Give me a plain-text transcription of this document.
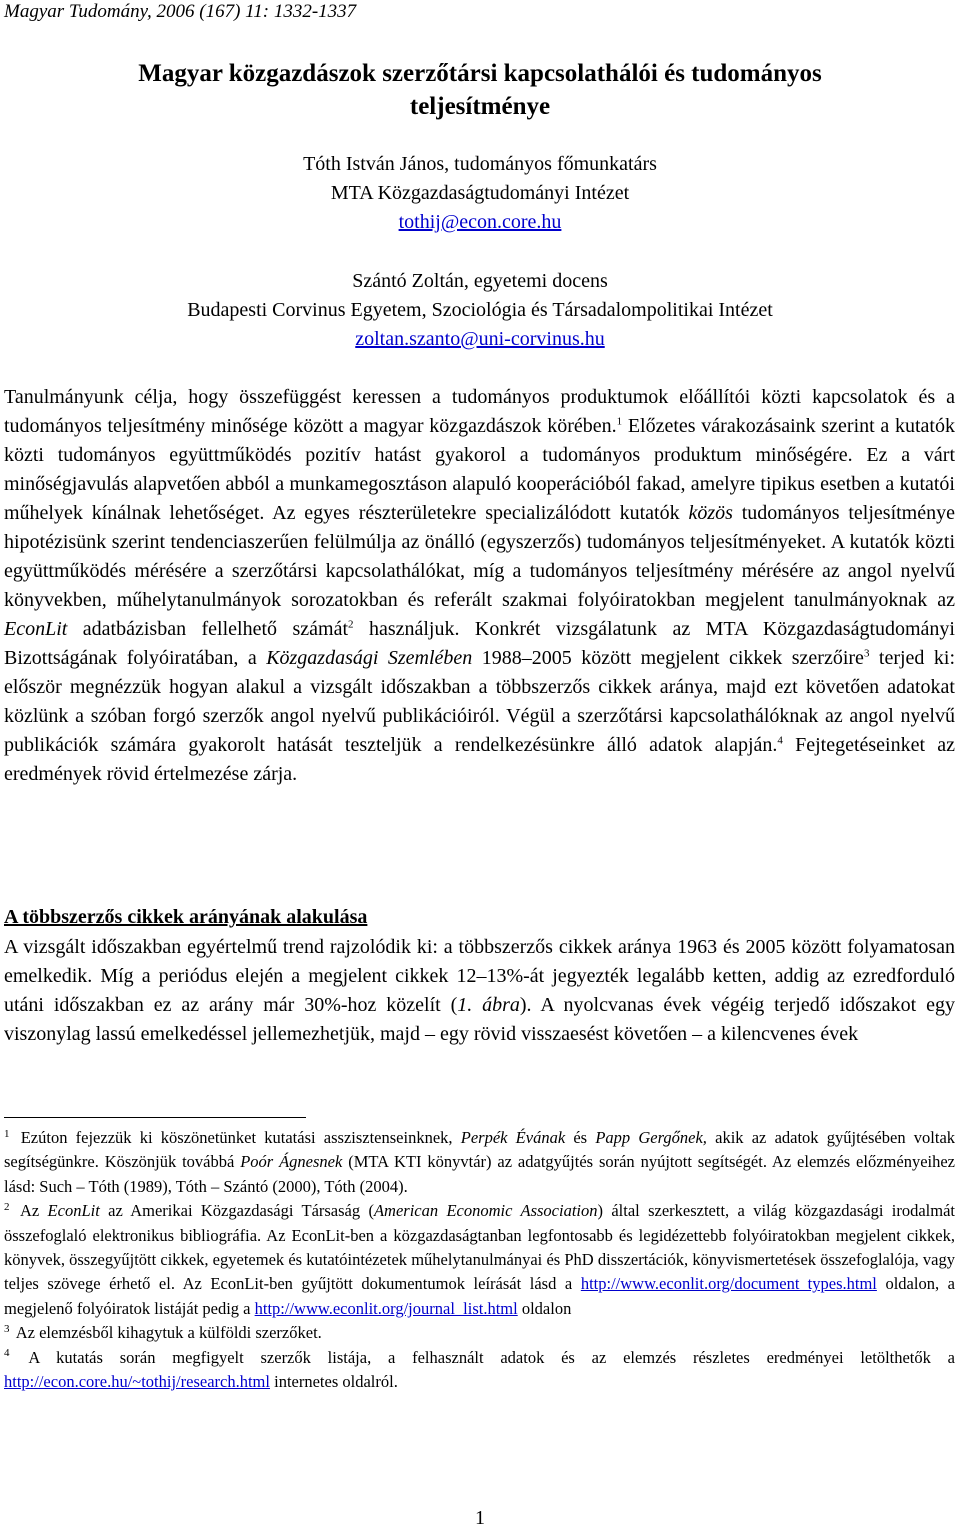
Magyar Tudomány, 2006 (167) 11: 1332-1337
Magyar közgazdászok szerzőtársi kapcsolathálói és tudományos
teljesítménye
Tóth István János, tudományos főmunkatárs
MTA Közgazdaságtudományi Intézet
tothij@econ.core.hu
Szántó Zoltán, egyetemi docens
Budapesti Corvinus Egyetem, Szociológia és Társadalompolitikai Intézet
zoltan.szanto@uni-corvinus.hu
Tanulmányunk célja, hogy összefüggést keressen a tudományos produktumok előállítói közti kapcsolatok és a tudományos teljesítmény minősége között a magyar közgazdászok körében.$^1$ Előzetes várakozásaink szerint a kutatók közti tudományos együttműködés pozitív hatást gyakorol a tudományos produktum minőségére. Ez a várt minőségjavulás alapvetően abból a munkamegosztáson alapuló kooperációból fakad, amelyre tipikus esetben a kutatói műhelyek kínálnak lehetőséget. Az egyes részterületekre specializálódott kutatók közös tudományos teljesítménye hipotézisünk szerint tendenciaszerűen felülmúlja az önálló (egyszerzős) tudományos teljesítményeket. A kutatók közti együttműködés mérésére a szerzőtársi kapcsolathálókat, míg a tudományos teljesítmény mérésére az angol nyelvű könyvekben, műhelytanulmányok sorozatokban és referált szakmai folyóiratokban megjelent tanulmányoknak az EconLit adatbázisban fellelhető számát$^2$ használjuk. Konkrét vizsgálatunk az MTA Közgazdaságtudományi Bizottságának folyóiratában, a Közgazdasági Szemlében 1988–2005 között megjelent cikkek szerzőire$^3$ terjed ki: először megnézzük hogyan alakul a vizsgált időszakban a többszerzős cikkek aránya, majd ezt követően adatokat közlünk a szóban forgó szerzők angol nyelvű publikációiról. Végül a szerzőtársi kapcsolathálóknak az angol nyelvű publikációk számára gyakorolt hatását teszteljük a rendelkezésünkre álló adatok alapján.$^4$ Fejtegetéseinket az eredmények rövid értelmezése zárja.
A többszerzős cikkek arányának alakulása
A vizsgált időszakban egyértelmű trend rajzolódik ki: a többszerzős cikkek aránya 1963 és 2005 között folyamatosan emelkedik. Míg a periódus elején a megjelent cikkek 12–13%-át jegyezték legalább ketten, addig az ezredforduló utáni időszakban ez az arány már 30%-hoz közelít (1. ábra). A nyolcvanas évek végéig terjedő időszakot egy viszonylag lassú emelkedéssel jellemezhetjük, majd – egy rövid visszaesést követően – a kilencvenes évek

$^1$ Ezúton fejezzük ki köszönetünket kutatási asszisztenseinknek, Perpék Évának és Papp Gergőnek, akik az adatok gyűjtésében voltak segítségünkre. Köszönjük továbbá Poór Ágnesnek (MTA KTI könyvtár) az adatgyűjtés során nyújtott segítségét. Az elemzés előzményeihez lásd: Such – Tóth (1989), Tóth – Szántó (2000), Tóth (2004).

$^2$ Az EconLit az Amerikai Közgazdasági Társaság (American Economic Association) által szerkesztett, a világ közgazdasági irodalmát összefoglaló elektronikus bibliográfia. Az EconLit-ben a közgazdaságtanban legfontosabb és legidézettebb folyóiratokban megjelent cikkek, könyvek, összegyűjtött cikkek, egyetemek és kutatóintézetek műhelytanulmányai és PhD disszertációk, könyvismertetések összefoglalója, vagy teljes szövege érhető el. Az EconLit-ben gyűjtött dokumentumok leírását lásd a http://www.econlit.org/document_types.html oldalon, a megjelenő folyóiratok listáját pedig a http://www.econlit.org/journal_list.html oldalon

$^3$ Az elemzésből kihagytuk a külföldi szerzőket.

$^4$ A kutatás során megfigyelt szerzők listája, a felhasznált adatok és az elemzés részletes eredményei letölthetők a http://econ.core.hu/~tothij/research.html internetes oldalról.

1
